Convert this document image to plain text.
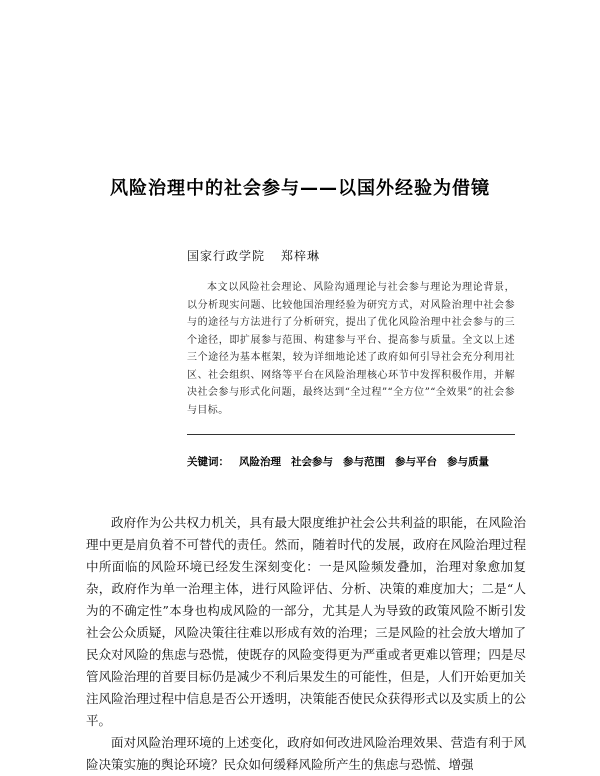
风险治理中的社会参与——以国外经验为借镜
国家行政学院 郑梓琳
本文以风险社会理论、风险沟通理论与社会参与理论为理论背景，以分析现实问题、比较他国治理经验为研究方式，对风险治理中社会参与的途径与方法进行了分析研究，提出了优化风险治理中社会参与的三个途径，即扩展参与范围、构建参与平台、提高参与质量。全文以上述三个途径为基本框架，较为详细地论述了政府如何引导社会充分利用社区、社会组织、网络等平台在风险治理核心环节中发挥积极作用，并解决社会参与形式化问题，最终达到“全过程”“全方位”“全效果”的社会参与目标。
关键词： 风险治理 社会参与 参与范围 参与平台 参与质量

政府作为公共权力机关，具有最大限度维护社会公共利益的职能，在风险治理中更是肩负着不可替代的责任。然而，随着时代的发展，政府在风险治理过程中所面临的风险环境已经发生深刻变化：一是风险频发叠加，治理对象愈加复杂，政府作为单一治理主体，进行风险评估、分析、决策的难度加大；二是“人为的不确定性”本身也构成风险的一部分，尤其是人为导致的政策风险不断引发社会公众质疑，风险决策往往难以形成有效的治理；三是风险的社会放大增加了民众对风险的焦虑与恐慌，使既存的风险变得更为严重或者更难以管理；四是尽管风险治理的首要目标仍是减少不利后果发生的可能性，但是，人们开始更加关注风险治理过程中信息是否公开透明，决策能否使民众获得形式以及实质上的公平。

面对风险治理环境的上述变化，政府如何改进风险治理效果、营造有利于风险决策实施的舆论环境？民众如何缓释风险所产生的焦虑与恐慌、增强
